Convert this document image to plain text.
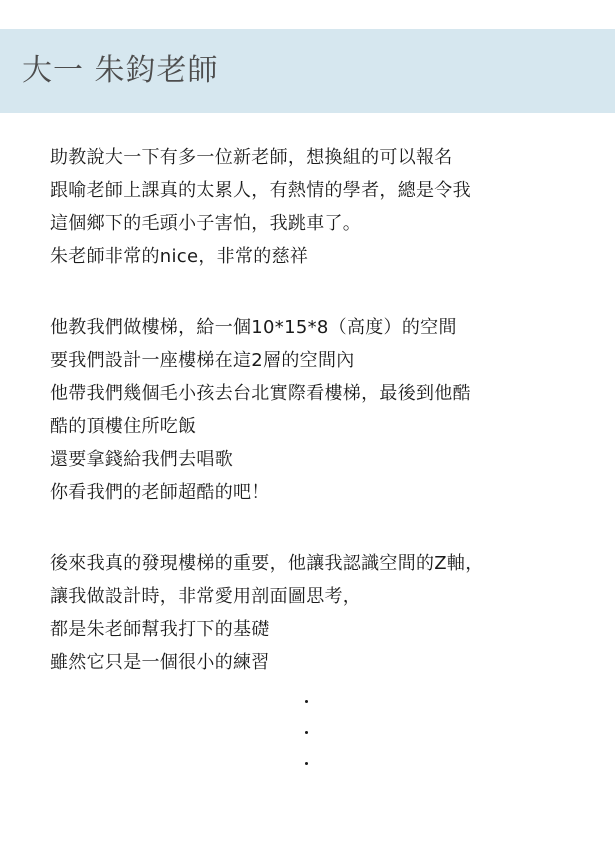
大一 朱鈞老師
助教說大一下有多一位新老師，想換組的可以報名
跟喻老師上課真的太累人，有熱情的學者，總是令我
這個鄉下的毛頭小子害怕，我跳車了。
朱老師非常的nice，非常的慈祥
他教我們做樓梯，給一個10*15*8（高度）的空間
要我們設計一座樓梯在這2層的空間內
他帶我們幾個毛小孩去台北實際看樓梯，最後到他酷
酷的頂樓住所吃飯
還要拿錢給我們去唱歌
你看我們的老師超酷的吧！
後來我真的發現樓梯的重要，他讓我認識空間的Z軸，
讓我做設計時，非常愛用剖面圖思考，
都是朱老師幫我打下的基礎
雖然它只是一個很小的練習
